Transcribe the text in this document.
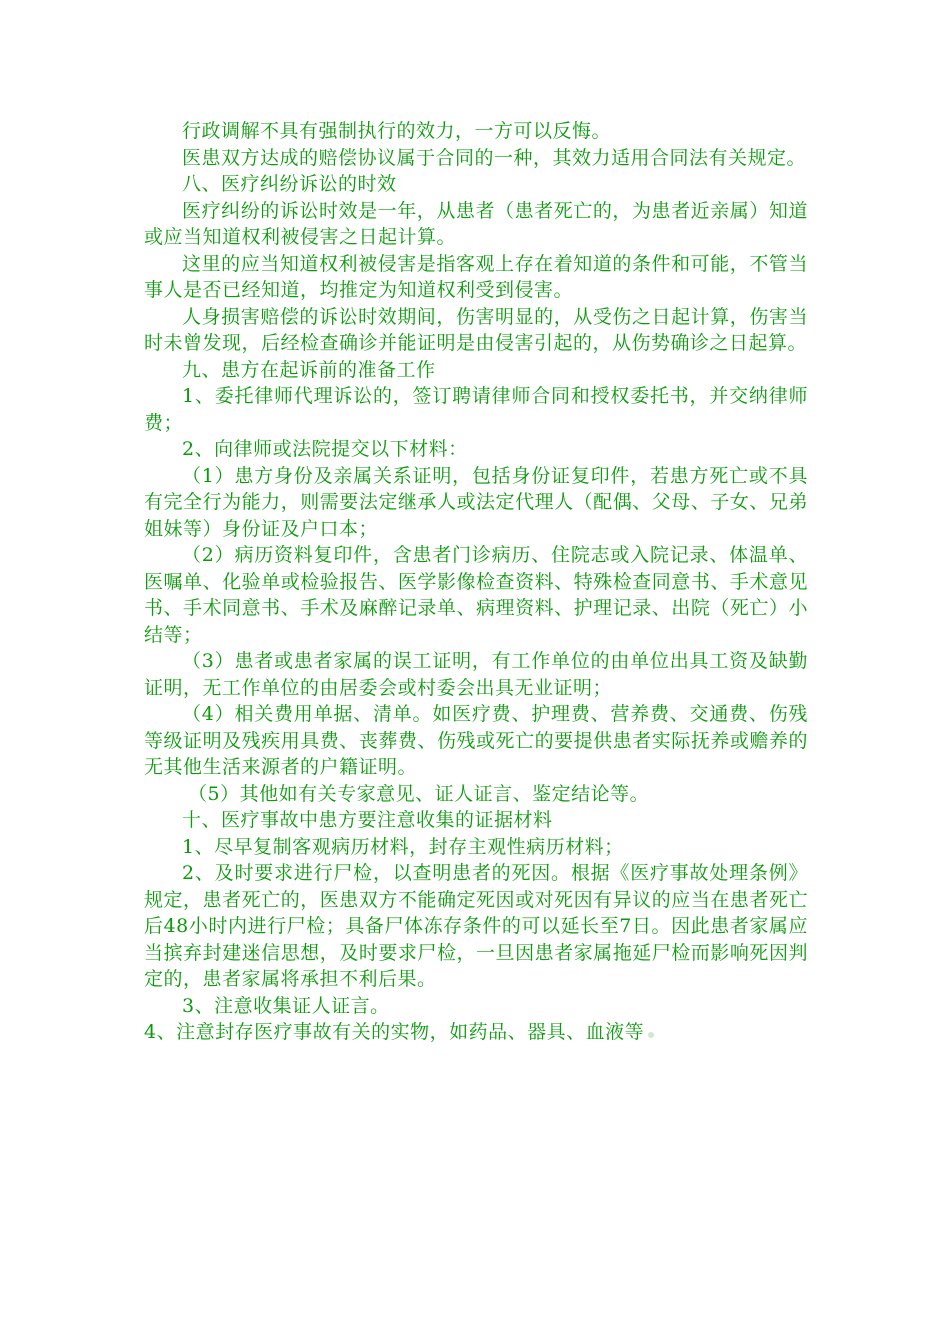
行政调解不具有强制执行的效力，一方可以反悔。

医患双方达成的赔偿协议属于合同的一种，其效力适用合同法有关规定。

八、医疗纠纷诉讼的时效

医疗纠纷的诉讼时效是一年，从患者（患者死亡的，为患者近亲属）知道或应当知道权利被侵害之日起计算。

这里的应当知道权利被侵害是指客观上存在着知道的条件和可能，不管当事人是否已经知道，均推定为知道权利受到侵害。

人身损害赔偿的诉讼时效期间，伤害明显的，从受伤之日起计算，伤害当时未曾发现，后经检查确诊并能证明是由侵害引起的，从伤势确诊之日起算。

九、患方在起诉前的准备工作

1、委托律师代理诉讼的，签订聘请律师合同和授权委托书，并交纳律师费；

2、向律师或法院提交以下材料：

（1）患方身份及亲属关系证明，包括身份证复印件，若患方死亡或不具有完全行为能力，则需要法定继承人或法定代理人（配偶、父母、子女、兄弟姐妹等）身份证及户口本；

（2）病历资料复印件，含患者门诊病历、住院志或入院记录、体温单、医嘱单、化验单或检验报告、医学影像检查资料、特殊检查同意书、手术意见书、手术同意书、手术及麻醉记录单、病理资料、护理记录、出院（死亡）小结等；

（3）患者或患者家属的误工证明，有工作单位的由单位出具工资及缺勤证明，无工作单位的由居委会或村委会出具无业证明；

（4）相关费用单据、清单。如医疗费、护理费、营养费、交通费、伤残等级证明及残疾用具费、丧葬费、伤残或死亡的要提供患者实际抚养或赡养的无其他生活来源者的户籍证明。

（5）其他如有关专家意见、证人证言、鉴定结论等。

十、医疗事故中患方要注意收集的证据材料

1、尽早复制客观病历材料，封存主观性病历材料；

2、及时要求进行尸检，以查明患者的死因。根据《医疗事故处理条例》规定，患者死亡的，医患双方不能确定死因或对死因有异议的应当在患者死亡后48小时内进行尸检；具备尸体冻存条件的可以延长至7日。因此患者家属应当摈弃封建迷信思想，及时要求尸检，一旦因患者家属拖延尸检而影响死因判定的，患者家属将承担不利后果。

3、注意收集证人证言。

4、注意封存医疗事故有关的实物，如药品、器具、血液等
